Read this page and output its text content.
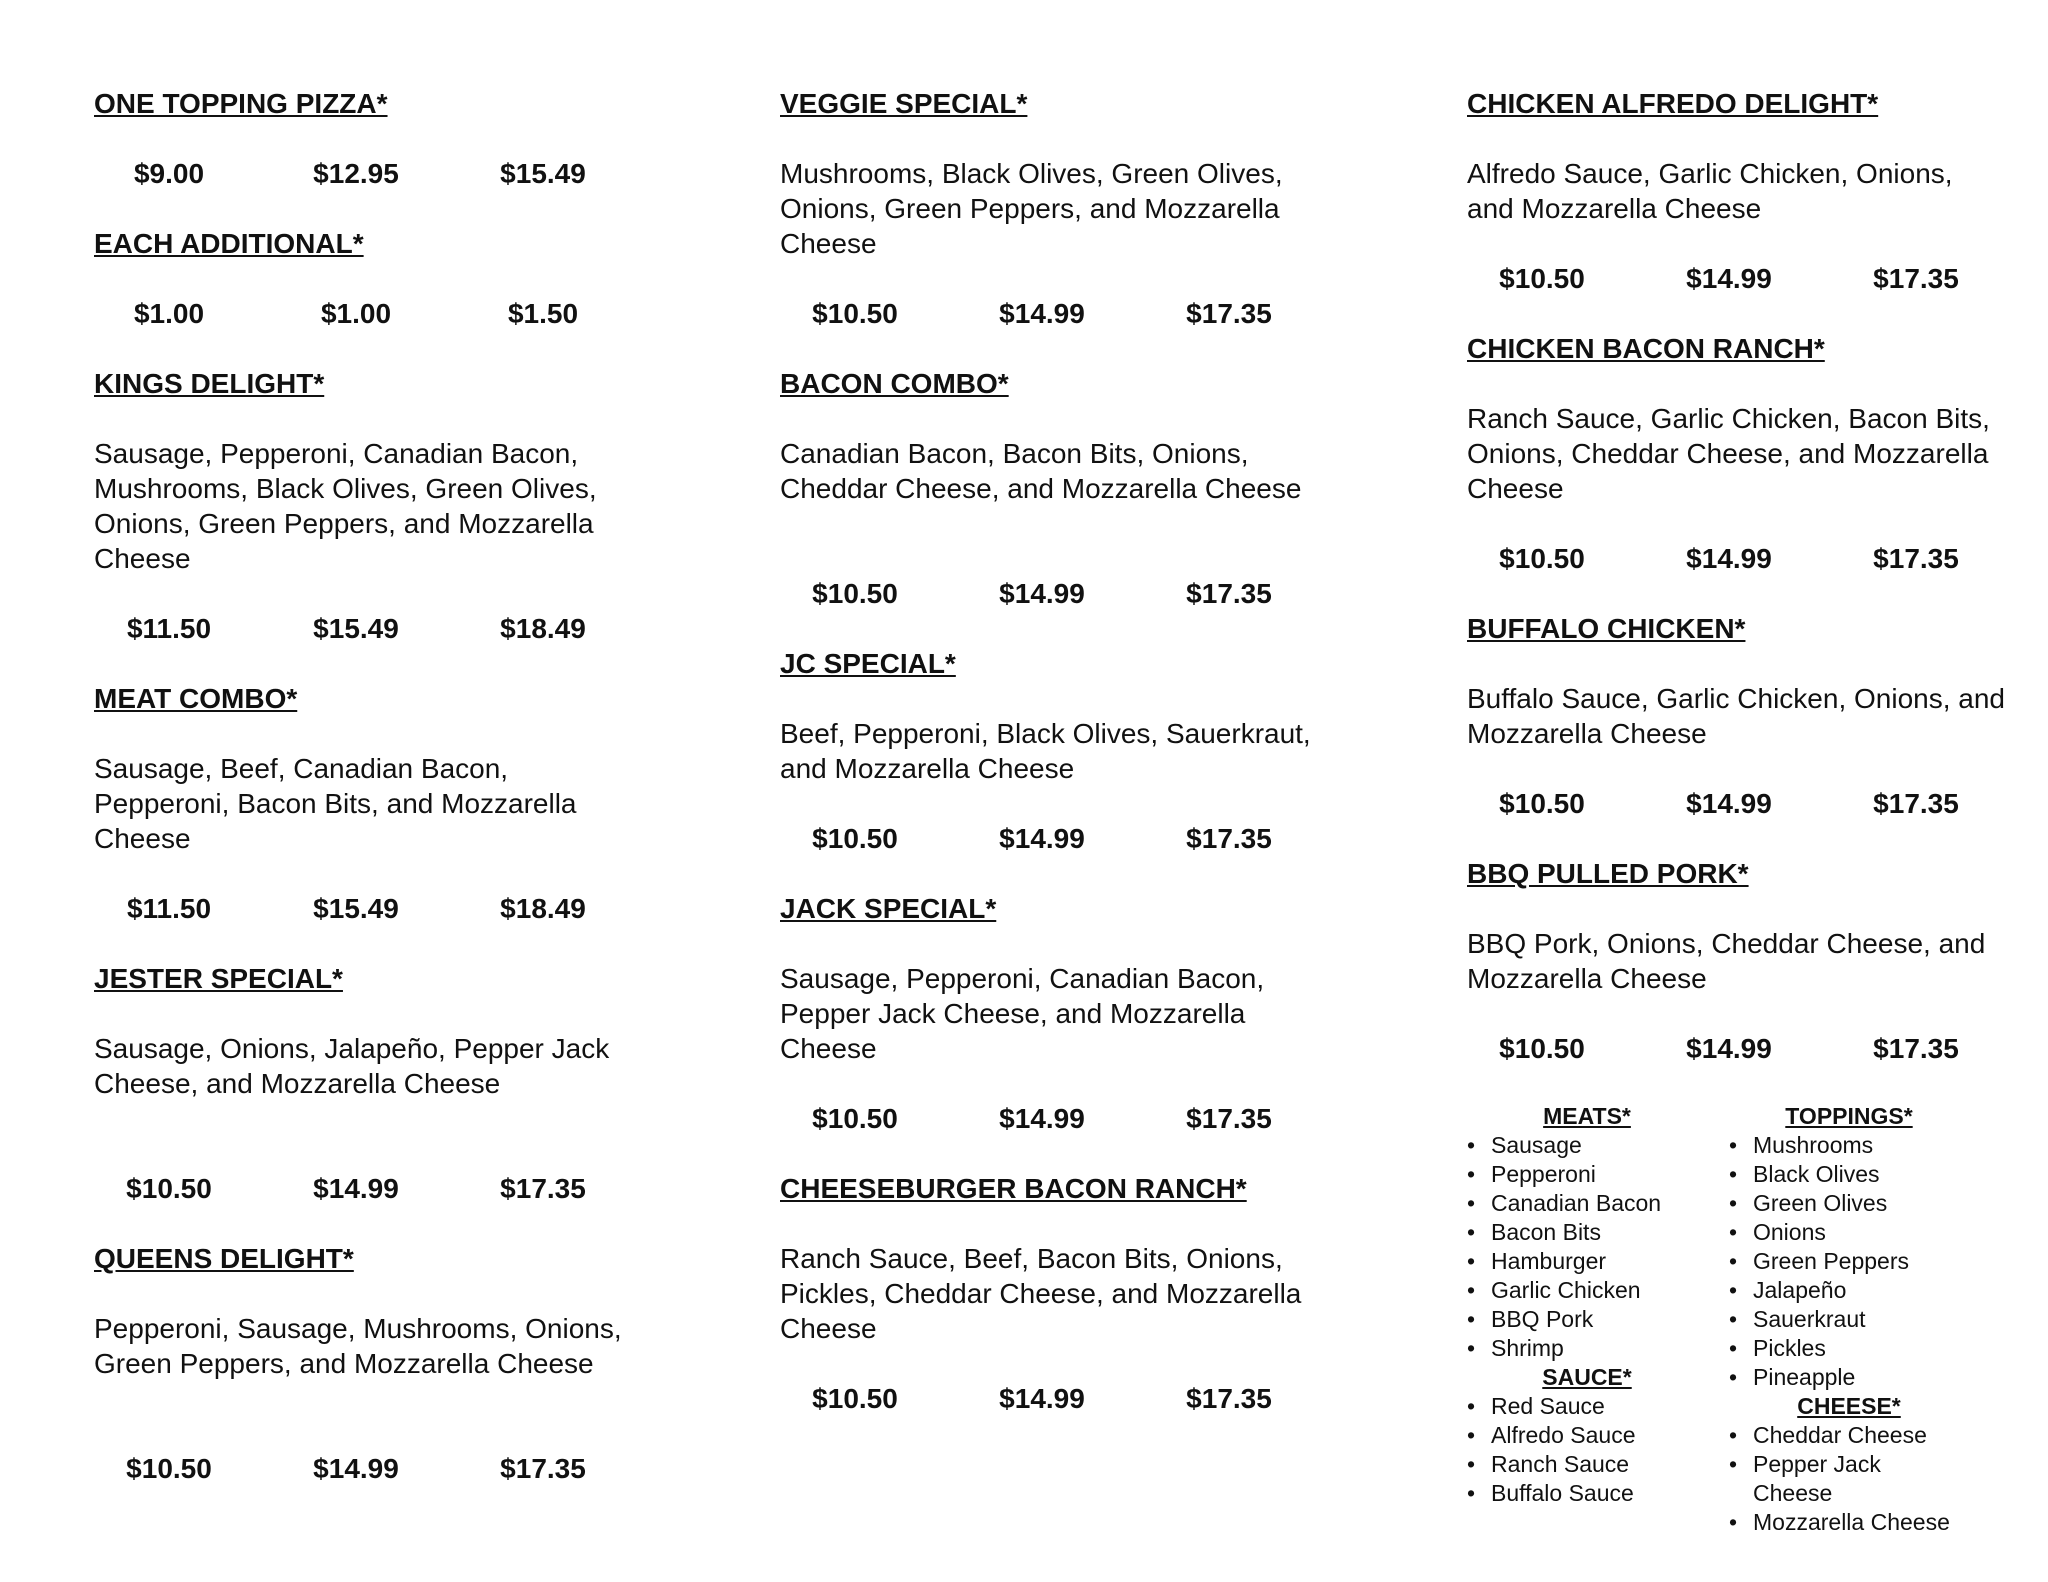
ONE TOPPING PIZZA*
$9.00	$12.95	$15.49
EACH ADDITIONAL*
$1.00	$1.00	$1.50
KINGS DELIGHT*

Sausage, Pepperoni, Canadian Bacon, Mushrooms, Black Olives, Green Olives, Onions, Green Peppers, and Mozzarella Cheese

$11.50	$15.49	$18.49
MEAT COMBO*

Sausage, Beef, Canadian Bacon, Pepperoni, Bacon Bits, and Mozzarella Cheese

$11.50	$15.49	$18.49
JESTER SPECIAL*

Sausage, Onions, Jalapeño, Pepper Jack Cheese, and Mozzarella Cheese

$10.50	$14.99	$17.35
QUEENS DELIGHT*

Pepperoni, Sausage, Mushrooms, Onions, Green Peppers, and Mozzarella Cheese

$10.50	$14.99	$17.35
VEGGIE SPECIAL*

Mushrooms, Black Olives, Green Olives, Onions, Green Peppers, and Mozzarella Cheese

$10.50	$14.99	$17.35
BACON COMBO*

Canadian Bacon, Bacon Bits, Onions, Cheddar Cheese, and Mozzarella Cheese

$10.50	$14.99	$17.35
JC SPECIAL*

Beef, Pepperoni, Black Olives, Sauerkraut, and Mozzarella Cheese

$10.50	$14.99	$17.35
JACK SPECIAL*

Sausage, Pepperoni, Canadian Bacon, Pepper Jack Cheese, and Mozzarella Cheese

$10.50	$14.99	$17.35
CHEESEBURGER BACON RANCH*

Ranch Sauce, Beef, Bacon Bits, Onions, Pickles, Cheddar Cheese, and Mozzarella Cheese

$10.50	$14.99	$17.35
CHICKEN ALFREDO DELIGHT*

Alfredo Sauce, Garlic Chicken, Onions, and Mozzarella Cheese

$10.50	$14.99	$17.35
CHICKEN BACON RANCH*

Ranch Sauce, Garlic Chicken, Bacon Bits, Onions, Cheddar Cheese, and Mozzarella Cheese

$10.50	$14.99	$17.35
BUFFALO CHICKEN*

Buffalo Sauce, Garlic Chicken, Onions, and Mozzarella Cheese

$10.50	$14.99	$17.35
BBQ PULLED PORK*

BBQ Pork, Onions, Cheddar Cheese, and Mozzarella Cheese

$10.50	$14.99	$17.35
MEATS*
• Sausage
• Pepperoni
• Canadian Bacon
• Bacon Bits
• Hamburger
• Garlic Chicken
• BBQ Pork
• Shrimp
SAUCE*
• Red Sauce
• Alfredo Sauce
• Ranch Sauce
• Buffalo Sauce
TOPPINGS*
• Mushrooms
• Black Olives
• Green Olives
• Onions
• Green Peppers
• Jalapeño
• Sauerkraut
• Pickles
• Pineapple
CHEESE*
• Cheddar Cheese
• Pepper Jack Cheese
• Mozzarella Cheese
